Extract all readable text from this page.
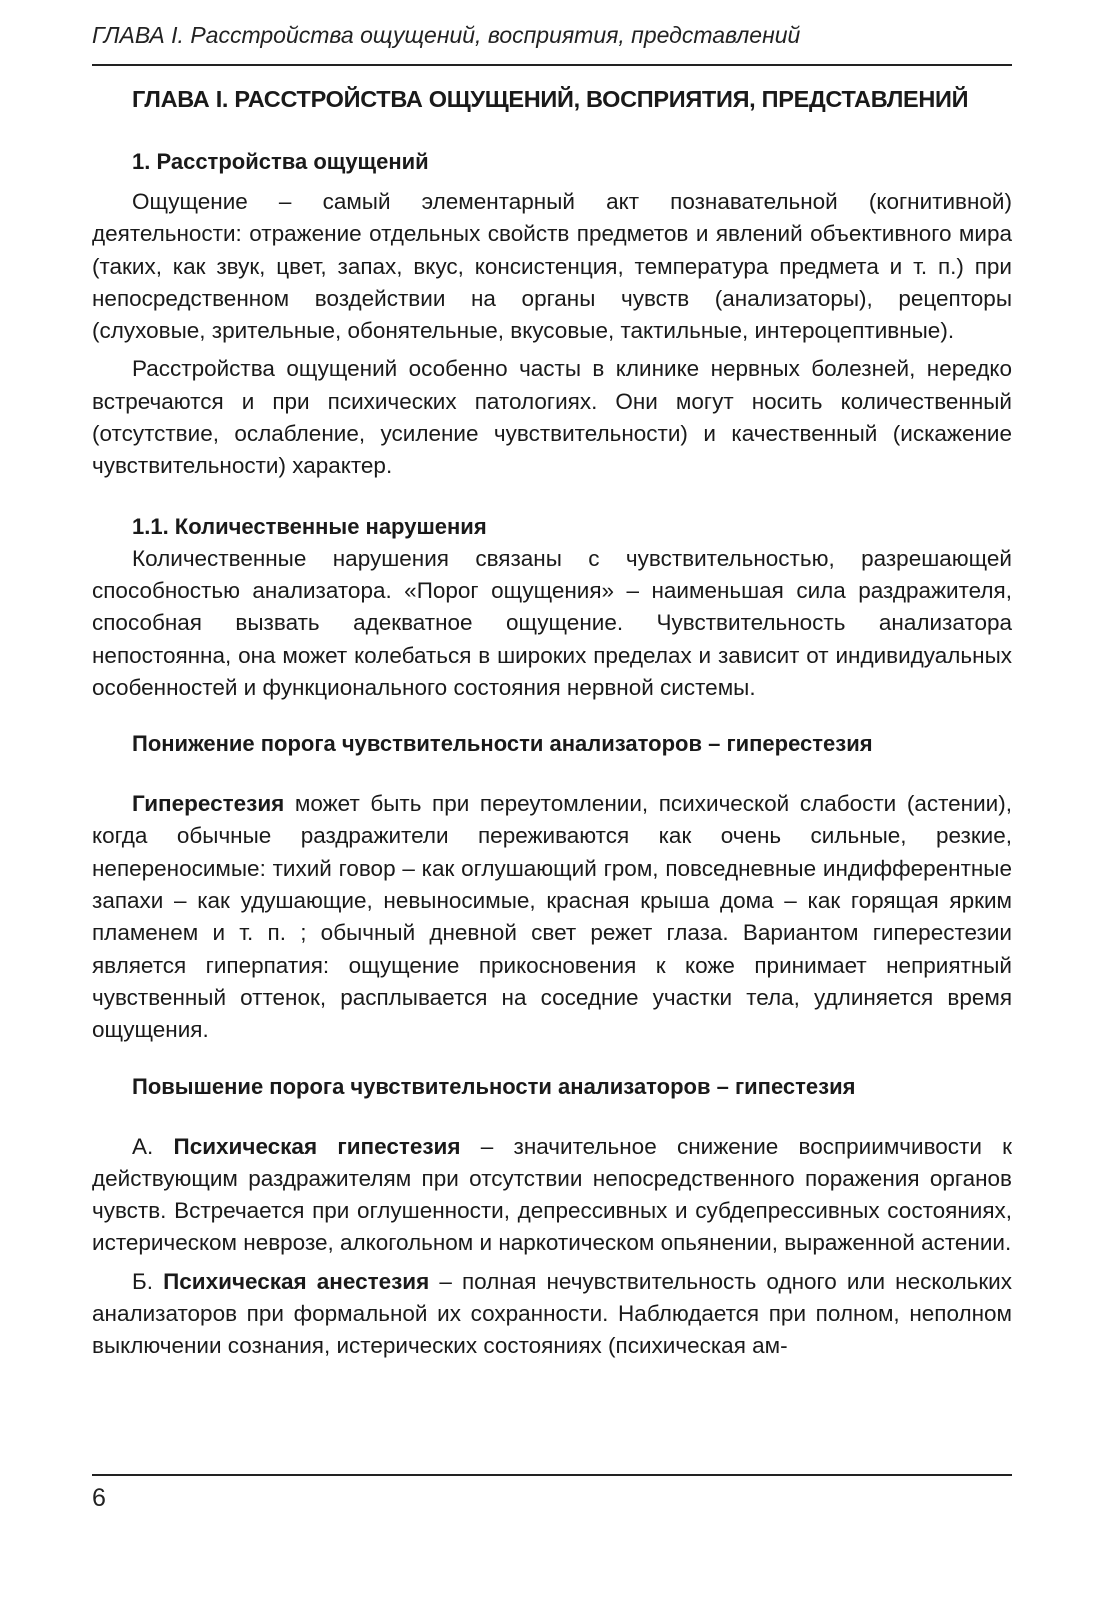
ГЛАВА I. Расстройства ощущений, восприятия, представлений
ГЛАВА I. РАССТРОЙСТВА ОЩУЩЕНИЙ, ВОСПРИЯТИЯ, ПРЕДСТАВЛЕНИЙ
1. Расстройства ощущений

Ощущение – самый элементарный акт познавательной (когнитивной) деятельности: отражение отдельных свойств предметов и явлений объективного мира (таких, как звук, цвет, запах, вкус, консистенция, температура предмета и т. п.) при непосредственном воздействии на органы чувств (анализаторы), рецепторы (слуховые, зрительные, обонятельные, вкусовые, тактильные, интероцептивные).

Расстройства ощущений особенно часты в клинике нервных болезней, нередко встречаются и при психических патологиях. Они могут носить количественный (отсутствие, ослабление, усиление чувствительности) и качественный (искажение чувствительности) характер.

1.1. Количественные нарушения

Количественные нарушения связаны с чувствительностью, разрешающей способностью анализатора. «Порог ощущения» – наименьшая сила раздражителя, способная вызвать адекватное ощущение. Чувствительность анализатора непостоянна, она может колебаться в широких пределах и зависит от индивидуальных особенностей и функционального состояния нервной системы.

Понижение порога чувствительности анализаторов – гиперестезия

Гиперестезия может быть при переутомлении, психической слабости (астении), когда обычные раздражители переживаются как очень сильные, резкие, непереносимые: тихий говор – как оглушающий гром, повседневные индифферентные запахи – как удушающие, невыносимые, красная крыша дома – как горящая ярким пламенем и т. п. ; обычный дневной свет режет глаза. Вариантом гиперестезии является гиперпатия: ощущение прикосновения к коже принимает неприятный чувственный оттенок, расплывается на соседние участки тела, удлиняется время ощущения.

Повышение порога чувствительности анализаторов – гипестезия

А. Психическая гипестезия – значительное снижение восприимчивости к действующим раздражителям при отсутствии непосредственного поражения органов чувств. Встречается при оглушенности, депрессивных и субдепрессивных состояниях, истерическом неврозе, алкогольном и наркотическом опьянении, выраженной астении.

Б. Психическая анестезия – полная нечувствительность одного или нескольких анализаторов при формальной их сохранности. Наблюдается при полном, неполном выключении сознания, истерических состояниях (психическая ам-

6
